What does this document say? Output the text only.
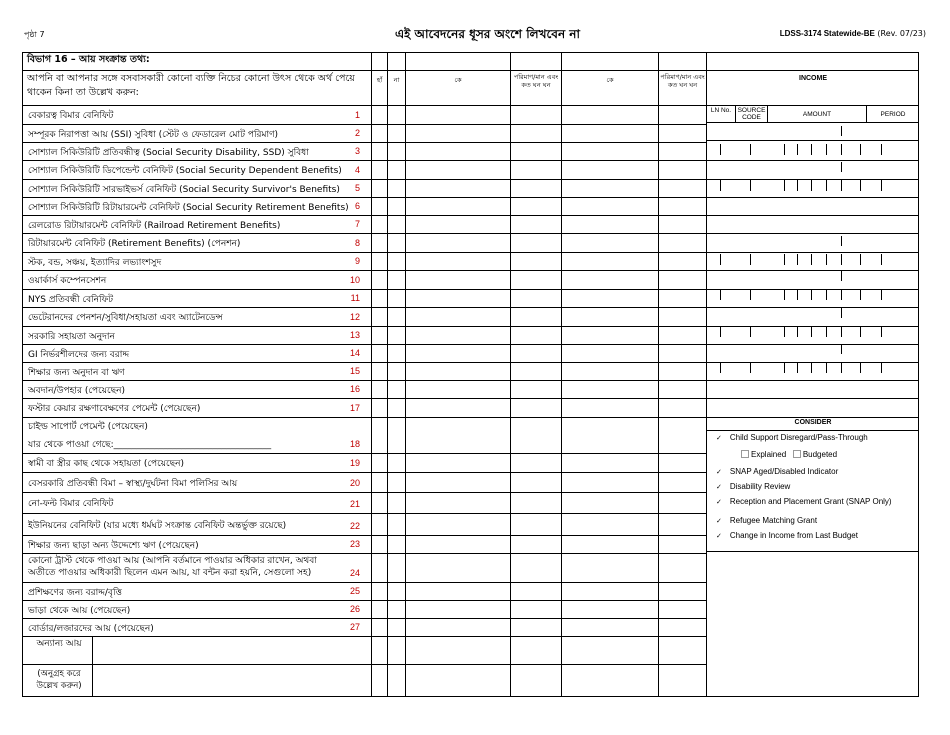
পৃষ্ঠা 7	এই আবেদনের ধূসর অংশে লিখবেন না	LDSS-3174 Statewide-BE (Rev. 07/23)
বিভাগ 16 – আয় সংক্রান্ত তথ্য:
আপনি বা আপনার সঙ্গে বসবাসকারী কোনো ব্যক্তি নিচের কোনো উৎস থেকে অর্থ পেয়ে থাকেন কিনা তা উল্লেখ করুন:
হাঁ	না	কে	পরিমাণ/মান এবং কত ঘন ঘন
কে	পরিমাণ/মান এবং কত ঘন ঘন
INCOME
LN No. SOURCE CODE	AMOUNT	PERIOD
বেকারত্ব বিমার বেনিফিট	1
সম্পূরক নিরাপত্তা আয় (SSI) সুবিধা (স্টেট ও ফেডারেল মোট পরিমাণ)	2
সোশ্যাল সিকিউরিটি প্রতিবন্ধীত্ব (Social Security Disability, SSD) সুবিধা	3
সোশ্যাল সিকিউরিটি ডিপেন্ডেন্ট বেনিফিট (Social Security Dependent Benefits)	4
সোশ্যাল সিকিউরিটি সারভাইভর্স বেনিফিট (Social Security Survivor's Benefits)	5
সোশ্যাল সিকিউরিটি রিটায়ারমেন্ট বেনিফিট (Social Security Retirement Benefits) 6
রেলরোড রিটায়ারমেন্ট বেনিফিট (Railroad Retirement Benefits)	7
রিটায়ারমেন্ট বেনিফিট (Retirement Benefits) (পেনশন)	8
স্টক, বন্ড, সঞ্চয়, ইত্যাদির লভ্যাংশসুদ	9
ওয়ার্কার্স কম্পেনসেশন	10
NYS প্রতিবন্ধী বেনিফিট	11
ভেটেরানদের পেনশন/সুবিধা/সহায়তা এবং অ্যাটেনডেন্স	12
সরকারি সহায়তা অনুদান	13
GI নির্ভরশীলদের জন্য বরাদ্দ	14
শিক্ষার জন্য অনুদান বা ঋণ	15
অবদান/উপহার (পেয়েছেন)	16
ফস্টার কেয়ার রক্ষণাবেক্ষণের পেমেন্ট (পেয়েছেন)	17
চাইল্ড সাপোর্ট পেমেন্ট (পেয়েছেন)
যার থেকে পাওয়া গেছে:___________________________________	18
স্বামী বা স্ত্রীর কাছ থেকে সহায়তা (পেয়েছেন)	19
বেসরকারি প্রতিবন্ধী বিমা – স্বাস্থ্য/দুর্ঘটনা বিমা পলিসির আয়	20
নো-ফল্ট বিমার বেনিফিট	21
ইউনিয়নের বেনিফিট (যার মধ্যে ধর্মঘট সংক্রান্ত বেনিফিট অন্তর্ভুক্ত রয়েছে)	22
শিক্ষার জন্য ছাড়া অন্য উদ্দেশ্যে ঋণ (পেয়েছেন)	23
কোনো ট্রাস্ট থেকে পাওয়া আয় (আপনি বর্তমানে পাওয়ার অধিকার রাখেন, অথবা অতীতে পাওয়ার অধিকারী ছিলেন এমন আয়, যা বন্টন করা হয়নি, সেগুলো সহ)	24
প্রশিক্ষণের জন্য বরাদ্দ/বৃত্তি	25
ভাড়া থেকে আয় (পেয়েছেন)	26
বোর্ডার/লজারদের আয় (পেয়েছেন)	27
অন্যান্য আয়
(অনুগ্রহ করে উল্লেখ করুন)
CONSIDER
✓ Child Support Disregard/Pass-Through
✓ SNAP Aged/Disabled Indicator
✓ Disability Review
✓ Reception and Placement Grant (SNAP Only)
✓ Refugee Matching Grant
✓ Change in Income from Last Budget
Explained Budgeted
